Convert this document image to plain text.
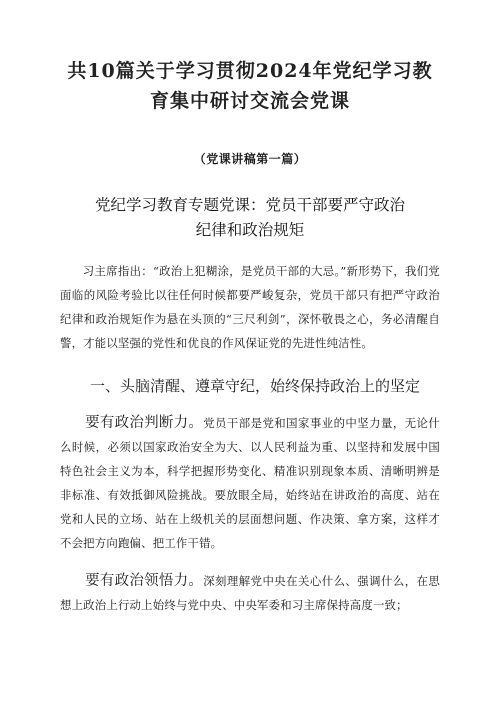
共10篇关于学习贯彻2024年党纪学习教
育集中研讨交流会党课
（党课讲稿第一篇）
党纪学习教育专题党课：党员干部要严守政治
纪律和政治规矩

习主席指出：“政治上犯糊涂，是党员干部的大忌。”新形势下，我们党面临的风险考验比以往任何时候都要严峻复杂，党员干部只有把严守政治纪律和政治规矩作为悬在头顶的“三尺利剑”，深怀敬畏之心，务必清醒自警，才能以坚强的党性和优良的作风保证党的先进性纯洁性。

一、头脑清醒、遵章守纪，始终保持政治上的坚定

要有政治判断力。党员干部是党和国家事业的中坚力量，无论什么时候，必须以国家政治安全为大、以人民利益为重、以坚持和发展中国特色社会主义为本，科学把握形势变化、精准识别现象本质、清晰明辨是非标准、有效抵御风险挑战。要放眼全局，始终站在讲政治的高度、站在党和人民的立场、站在上级机关的层面想问题、作决策、拿方案，这样才不会把方向跑偏、把工作干错。

要有政治领悟力。深刻理解党中央在关心什么、强调什么，在思想上政治上行动上始终与党中央、中央军委和习主席保持高度一致；
